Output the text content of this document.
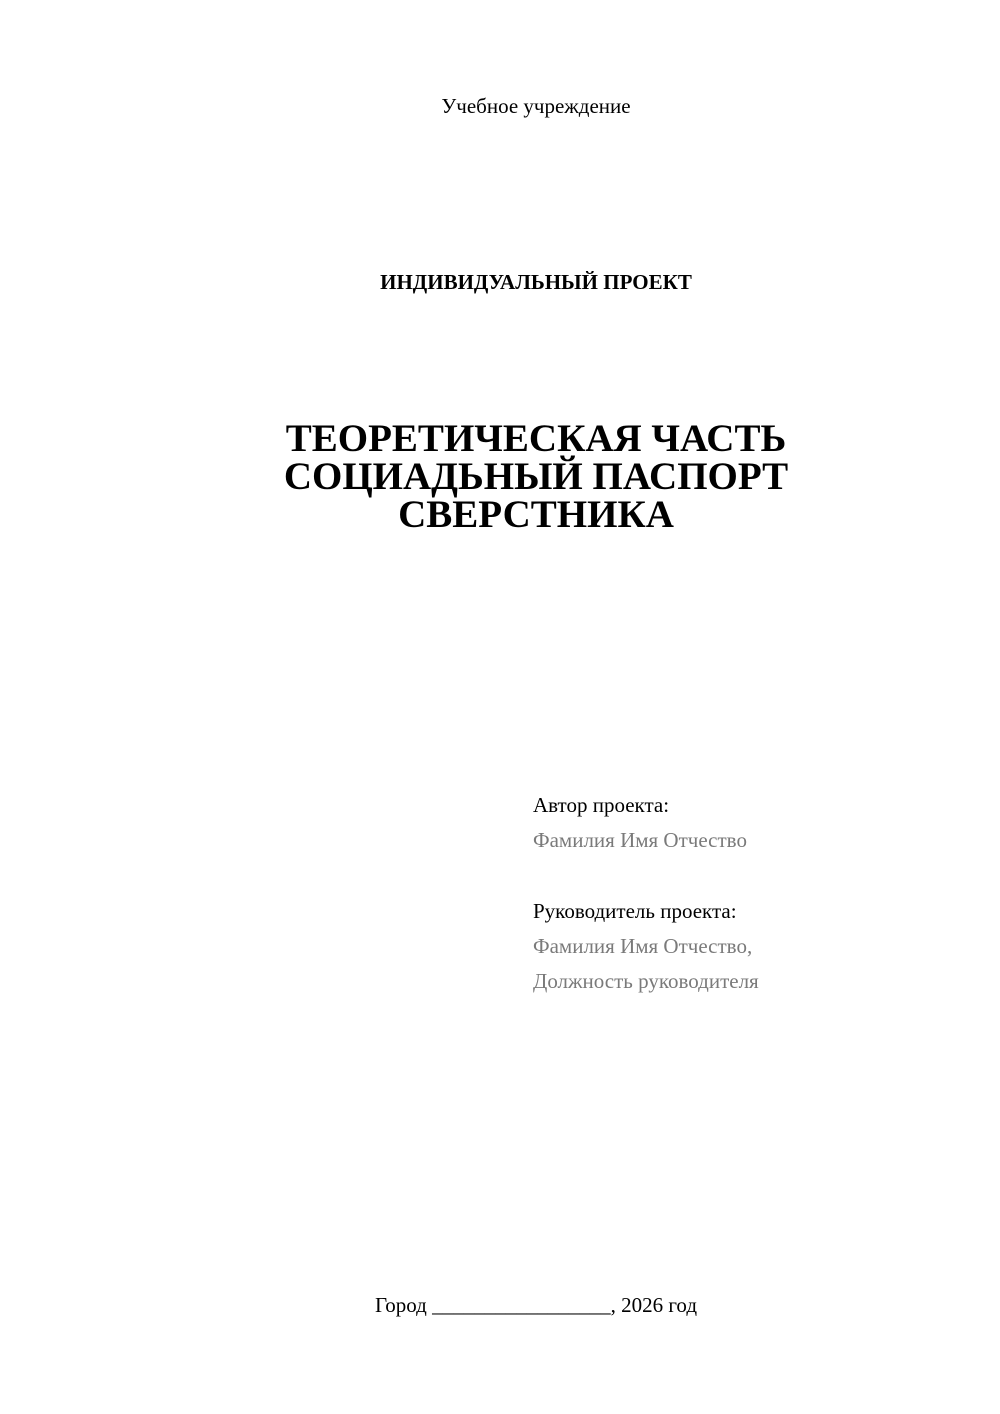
Учебное учреждение
ИНДИВИДУАЛЬНЫЙ ПРОЕКТ
ТЕОРЕТИЧЕСКАЯ ЧАСТЬ
СОЦИАДЬНЫЙ ПАСПОРТ
СВЕРСТНИКА
Автор проекта:
Фамилия Имя Отчество
Руководитель проекта:
Фамилия Имя Отчество,
Должность руководителя
Город _________________, 2026 год
